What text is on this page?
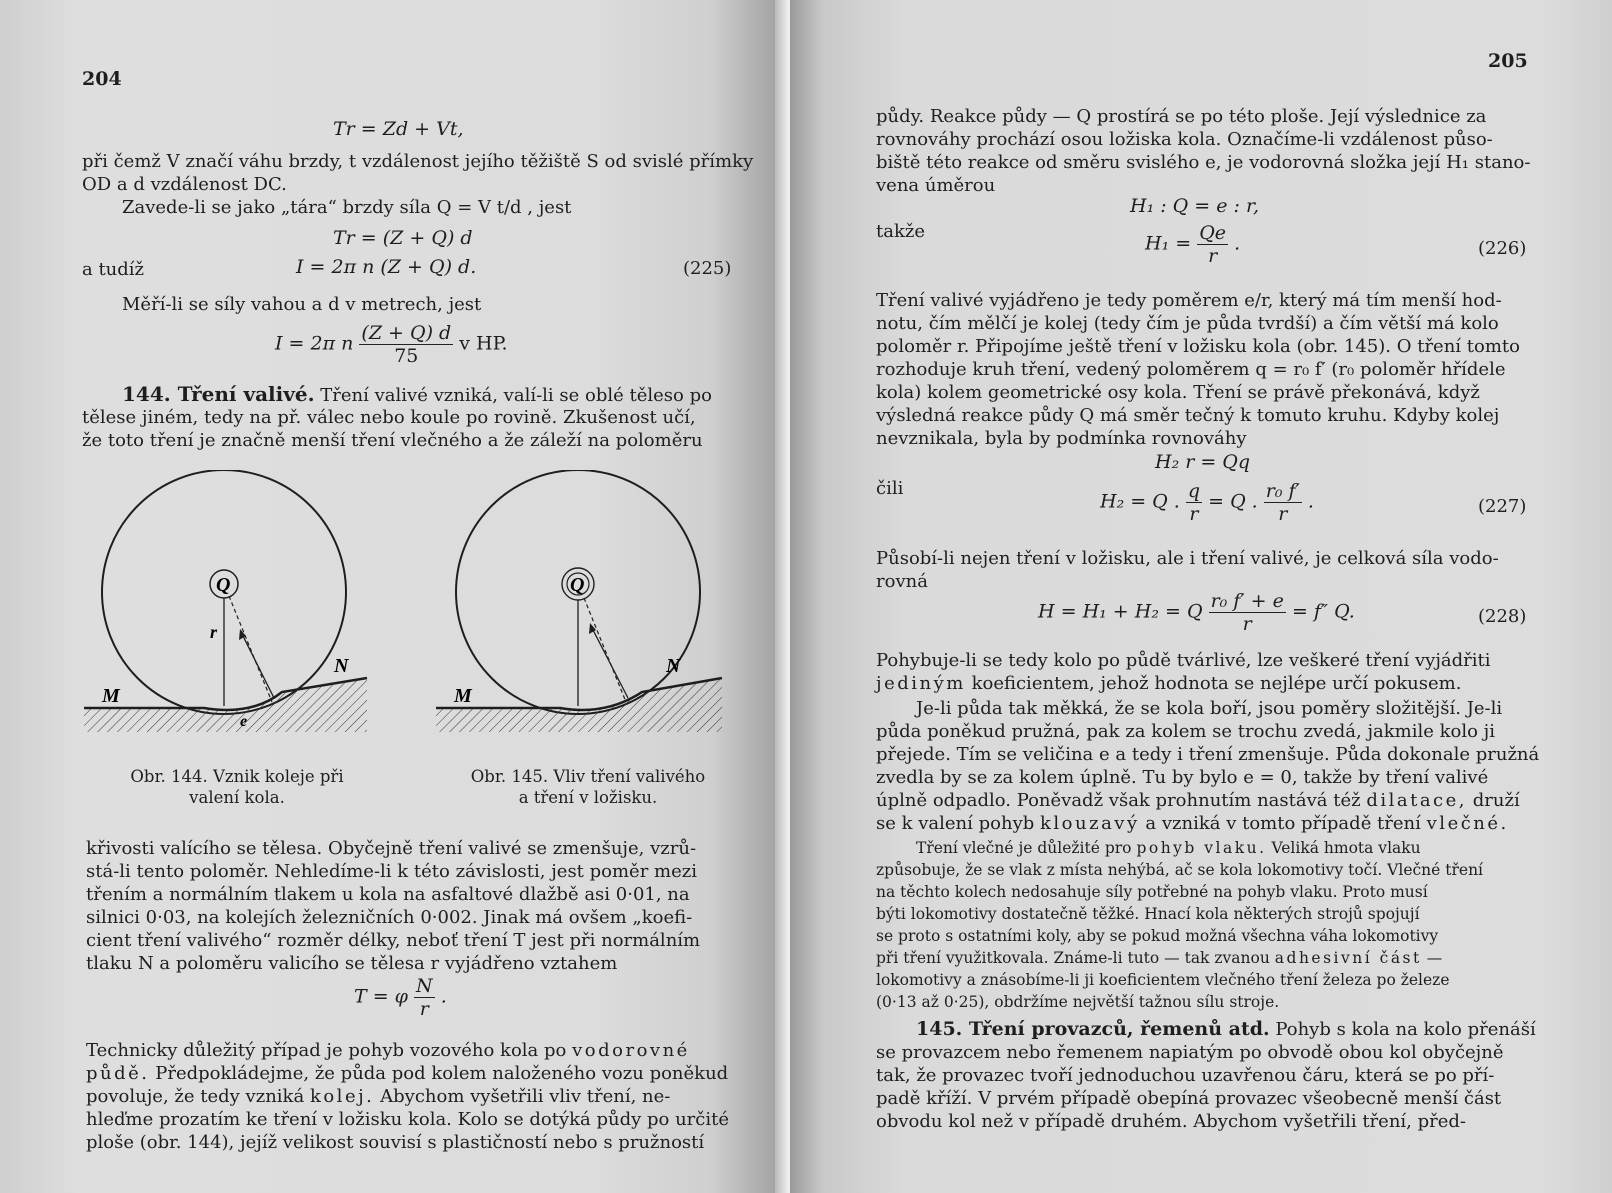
204
Tr = Zd + Vt,
při čemž V značí váhu brzdy, t vzdálenost jejího těžiště S od svislé přímky
OD a d vzdálenost DC.
Zavede-li se jako „tára“ brzdy síla Q = V t/d , jest
Tr = (Z + Q) d
a tudíž	I = 2π n (Z + Q) d.	(225)
Měří-li se síly vahou a d v metrech, jest
I = 2π n $\frac{(Z + Q) d}{75}$ v HP.
144. Tření valivé. Tření valivé vzniká, valí-li se oblé těleso po
tělese jiném, tedy na př. válec nebo koule po rovině. Zkušenost učí,
že toto tření je značně menší tření vlečného a že záleží na poloměru
Q
r
N
M
e
Obr. 144. Vznik koleje při
valení kola.
Q
N
M
Obr. 145. Vliv tření valivého
a tření v ložisku.
křivosti valícího se tělesa. Obyčejně tření valivé se zmenšuje, vzrů-
stá-li tento poloměr. Nehledíme-li k této závislosti, jest poměr mezi
třením a normálním tlakem u kola na asfaltové dlažbě asi 0·01, na
silnici 0·03, na kolejích železničních 0·002. Jinak má ovšem „koefi-
cient tření valivého“ rozměr délky, neboť tření T jest při normálním
tlaku N a poloměru valicího se tělesa r vyjádřeno vztahem
T = φ $\frac{N}{r}$ .
Technicky důležitý případ je pohyb vozového kola po vodorovné
půdě. Předpokládejme, že půda pod kolem naloženého vozu poněkud
povoluje, že tedy vzniká kolej. Abychom vyšetřili vliv tření, ne-
hleďme prozatím ke tření v ložisku kola. Kolo se dotýká půdy po určité
ploše (obr. 144), jejíž velikost souvisí s plastičností nebo s pružností
205
půdy. Reakce půdy — Q prostírá se po této ploše. Její výslednice za
rovnováhy prochází osou ložiska kola. Označíme-li vzdálenost půso-
biště této reakce od směru svislého e, je vodorovná složka její H₁ stano-
vena úměrou
H₁ : Q = e : r,
takže
$H_1 = \frac{Qe}{r}$ .	(226)
Tření valivé vyjádřeno je tedy poměrem e/r, který má tím menší hod-
notu, čím mělčí je kolej (tedy čím je půda tvrdší) a čím větší má kolo
poloměr r. Připojíme ještě tření v ložisku kola (obr. 145). O tření tomto
rozhoduje kruh tření, vedený poloměrem q = r₀ f′ (r₀ poloměr hřídele
kola) kolem geometrické osy kola. Tření se právě překonává, když
výsledná reakce půdy Q má směr tečný k tomuto kruhu. Kdyby kolej
nevznikala, byla by podmínka rovnováhy
H₂ r = Qq
čili
H₂ = Q . $\frac{q}{r} = Q$ . $\frac{\text{r₀ f′}}{r}$ .	(227)
Působí-li nejen tření v ložisku, ale i tření valivé, je celková síla vodo-
rovná
H = H₁ + H₂ = Q $\frac{\text{r₀ f′ + e}}{r} = f''$ Q.	(228)
Pohybuje-li se tedy kolo po půdě tvárlivé, lze veškeré tření vyjádřiti
jediným koeficientem, jehož hodnota se nejlépe určí pokusem.
Je-li půda tak měkká, že se kola boří, jsou poměry složitější. Je-li
půda poněkud pružná, pak za kolem se trochu zvedá, jakmile kolo ji
přejede. Tím se veličina e a tedy i tření zmenšuje. Půda dokonale pružná
zvedla by se za kolem úplně. Tu by bylo e = 0, takže by tření valivé
úplně odpadlo. Poněvadž však prohnutím nastává též dilatace, druží
se k valení pohyb klouzavý a vzniká v tomto případě tření vlečné.
Tření vlečné je důležité pro pohyb vlaku. Veliká hmota vlaku
způsobuje, že se vlak z místa nehýbá, ač se kola lokomotivy točí. Vlečné tření
na těchto kolech nedosahuje síly potřebné na pohyb vlaku. Proto musí
býti lokomotivy dostatečně těžké. Hnací kola některých strojů spojují
se proto s ostatními koly, aby se pokud možná všechna váha lokomotivy
při tření využitkovala. Známe-li tuto — tak zvanou adhesivní část —
lokomotivy a znásobíme-li ji koeficientem vlečného tření železa po železe
(0·13 až 0·25), obdržíme největší tažnou sílu stroje.
145. Tření provazců, řemenů atd. Pohyb s kola na kolo přenáší
se provazcem nebo řemenem napiatým po obvodě obou kol obyčejně
tak, že provazec tvoří jednoduchou uzavřenou čáru, která se po pří-
padě kříží. V prvém případě obepíná provazec všeobecně menší část
obvodu kol než v případě druhém. Abychom vyšetřili tření, před-
